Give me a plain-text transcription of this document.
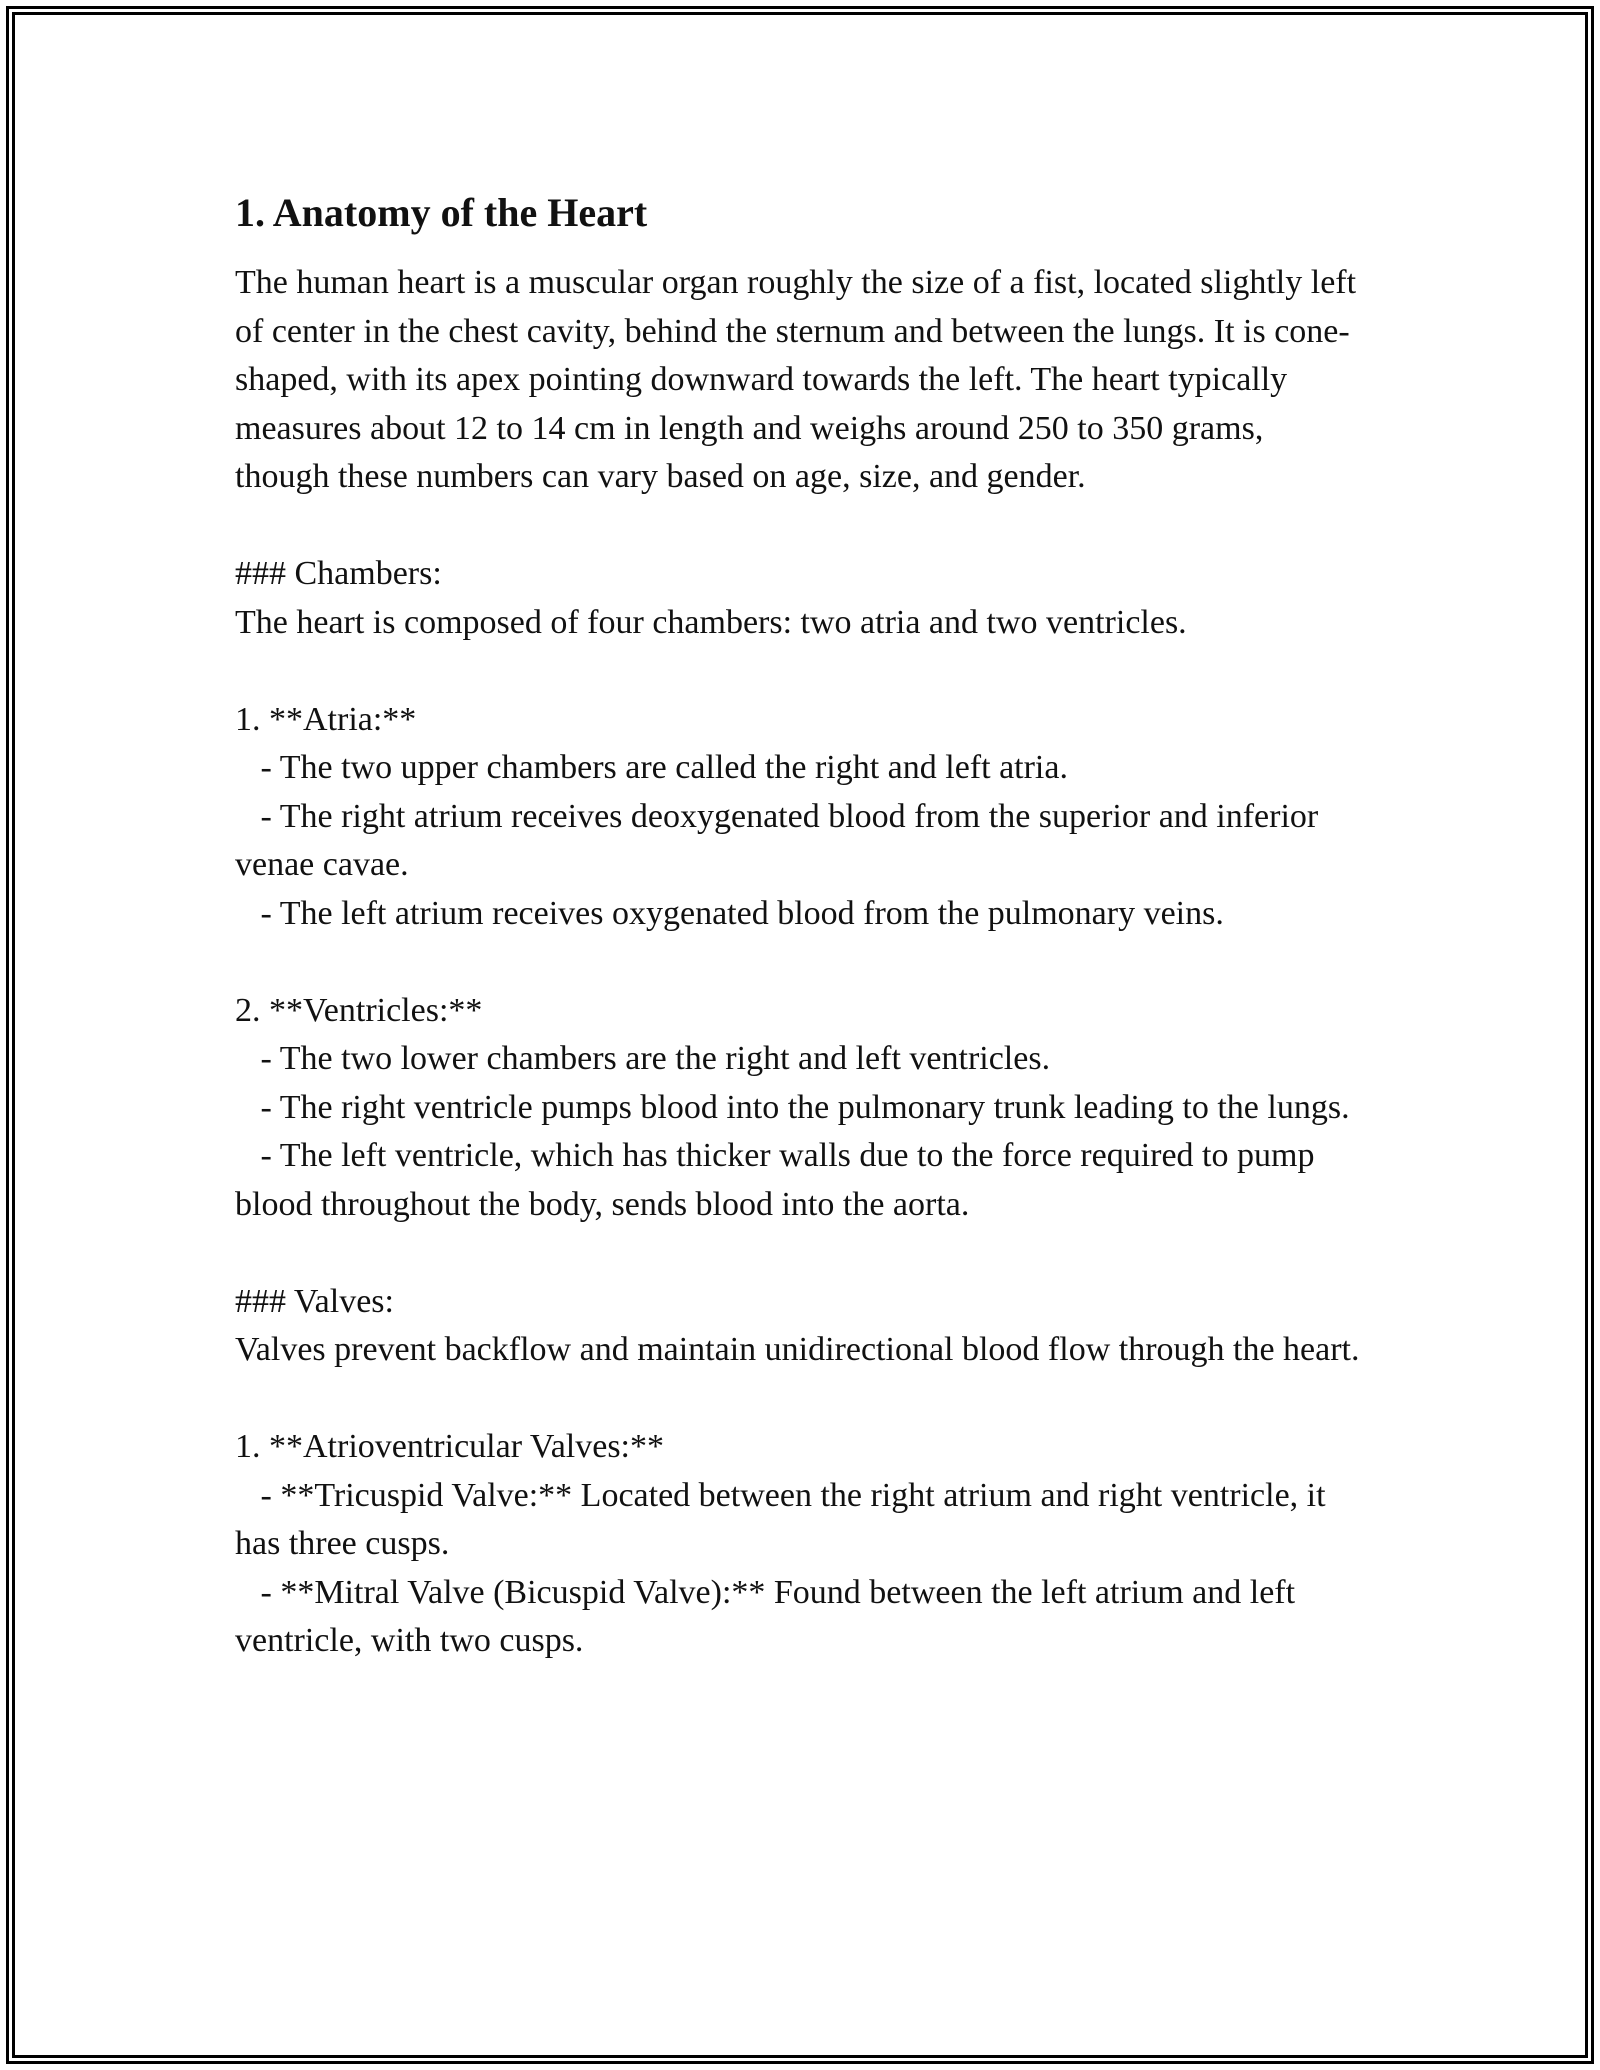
1. Anatomy of the Heart

The human heart is a muscular organ roughly the size of a fist, located slightly left of center in the chest cavity, behind the sternum and between the lungs. It is cone-shaped, with its apex pointing downward towards the left. The heart typically measures about 12 to 14 cm in length and weighs around 250 to 350 grams, though these numbers can vary based on age, size, and gender.

### Chambers:
The heart is composed of four chambers: two atria and two ventricles.

1. **Atria:**
- The two upper chambers are called the right and left atria.
- The right atrium receives deoxygenated blood from the superior and inferior venae cavae.
- The left atrium receives oxygenated blood from the pulmonary veins.

2. **Ventricles:**
- The two lower chambers are the right and left ventricles.
- The right ventricle pumps blood into the pulmonary trunk leading to the lungs.
- The left ventricle, which has thicker walls due to the force required to pump blood throughout the body, sends blood into the aorta.

### Valves:
Valves prevent backflow and maintain unidirectional blood flow through the heart.

1. **Atrioventricular Valves:**
- **Tricuspid Valve:** Located between the right atrium and right ventricle, it has three cusps.
- **Mitral Valve (Bicuspid Valve):** Found between the left atrium and left ventricle, with two cusps.
